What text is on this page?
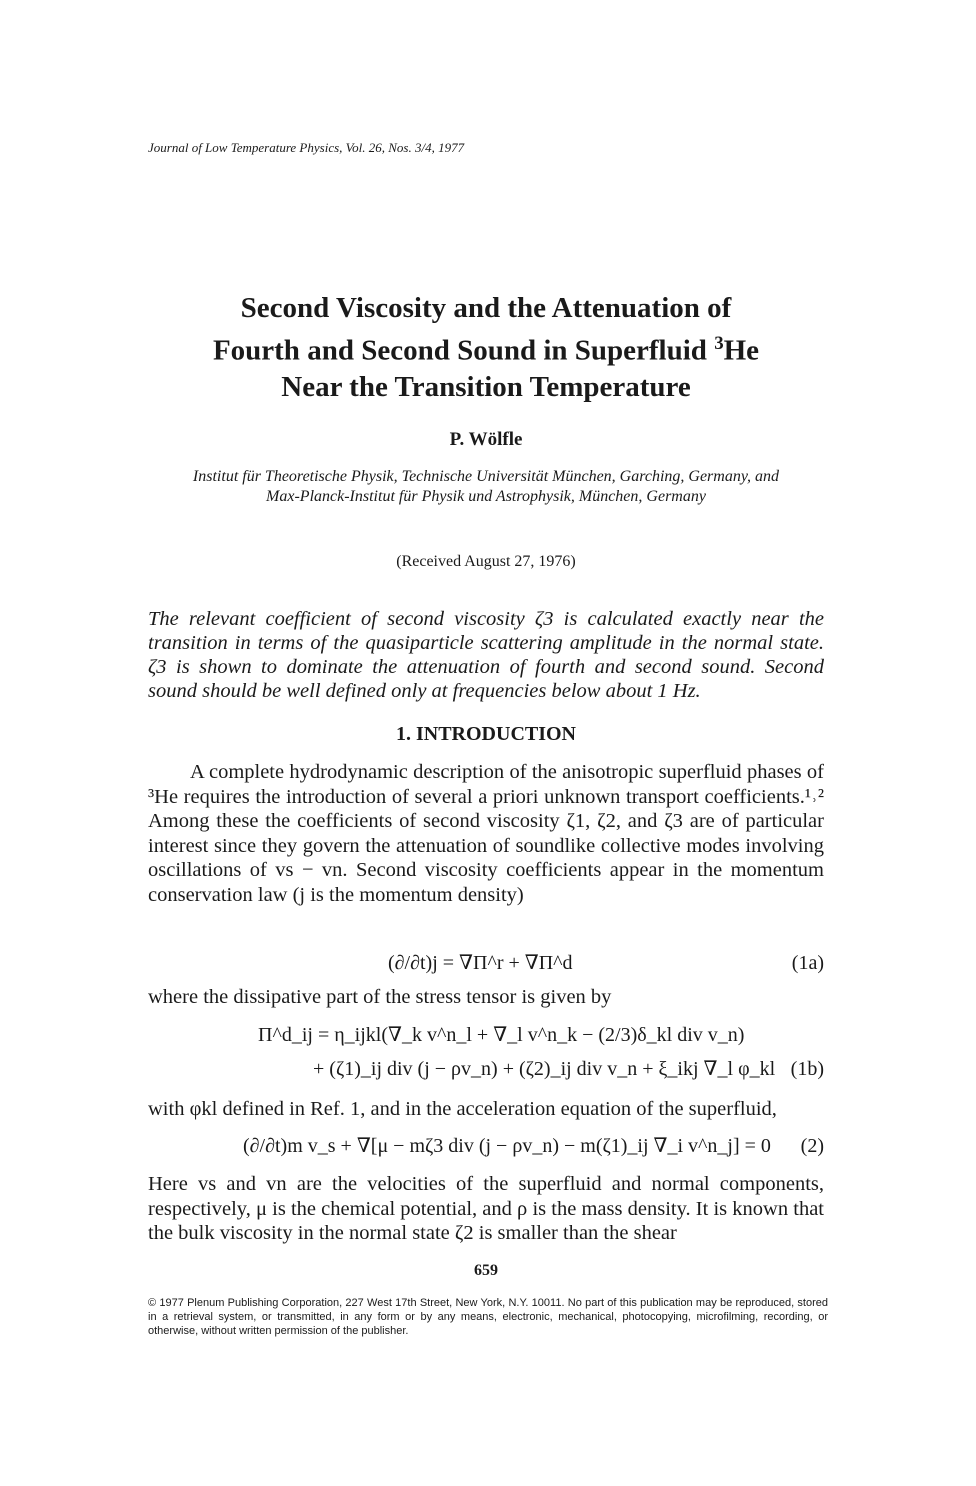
Journal of Low Temperature Physics, Vol. 26, Nos. 3/4, 1977
Second Viscosity and the Attenuation of
Fourth and Second Sound in Superfluid $^3$He
Near the Transition Temperature
P. Wölfle
Institut für Theoretische Physik, Technische Universität München, Garching, Germany, and
Max-Planck-Institut für Physik und Astrophysik, München, Germany
(Received August 27, 1976)

The relevant coefficient of second viscosity ζ3 is calculated exactly near the transition in terms of the quasiparticle scattering amplitude in the normal state. ζ3 is shown to dominate the attenuation of fourth and second sound. Second sound should be well defined only at frequencies below about 1 Hz.

1. INTRODUCTION

A complete hydrodynamic description of the anisotropic superfluid phases of ³He requires the introduction of several a priori unknown transport coefficients.¹˒² Among these the coefficients of second viscosity ζ1, ζ2, and ζ3 are of particular interest since they govern the attenuation of soundlike collective modes involving oscillations of vs − vn. Second viscosity coefficients appear in the momentum conservation law (j is the momentum density)

(∂/∂t)j = ∇Π^r + ∇Π^d	(1a)

where the dissipative part of the stress tensor is given by

Π^d_ij = η_ijkl(∇_k v^n_l + ∇_l v^n_k − (2/3)δ_kl div v_n)
+ (ζ1)_ij div (j − ρv_n) + (ζ2)_ij div v_n + ξ_ikj ∇_l φ_kl (1b)

with φkl defined in Ref. 1, and in the acceleration equation of the superfluid,

(∂/∂t)m v_s + ∇[μ − mζ3 div (j − ρv_n) − m(ζ1)_ij ∇_i v^n_j] = 0 (2)

Here vs and vn are the velocities of the superfluid and normal components, respectively, μ is the chemical potential, and ρ is the mass density. It is known that the bulk viscosity in the normal state ζ2 is smaller than the shear

659
© 1977 Plenum Publishing Corporation, 227 West 17th Street, New York, N.Y. 10011. No part of this publication may be reproduced, stored in a retrieval system, or transmitted, in any form or by any means, electronic, mechanical, photocopying, microfilming, recording, or otherwise, without written permission of the publisher.
